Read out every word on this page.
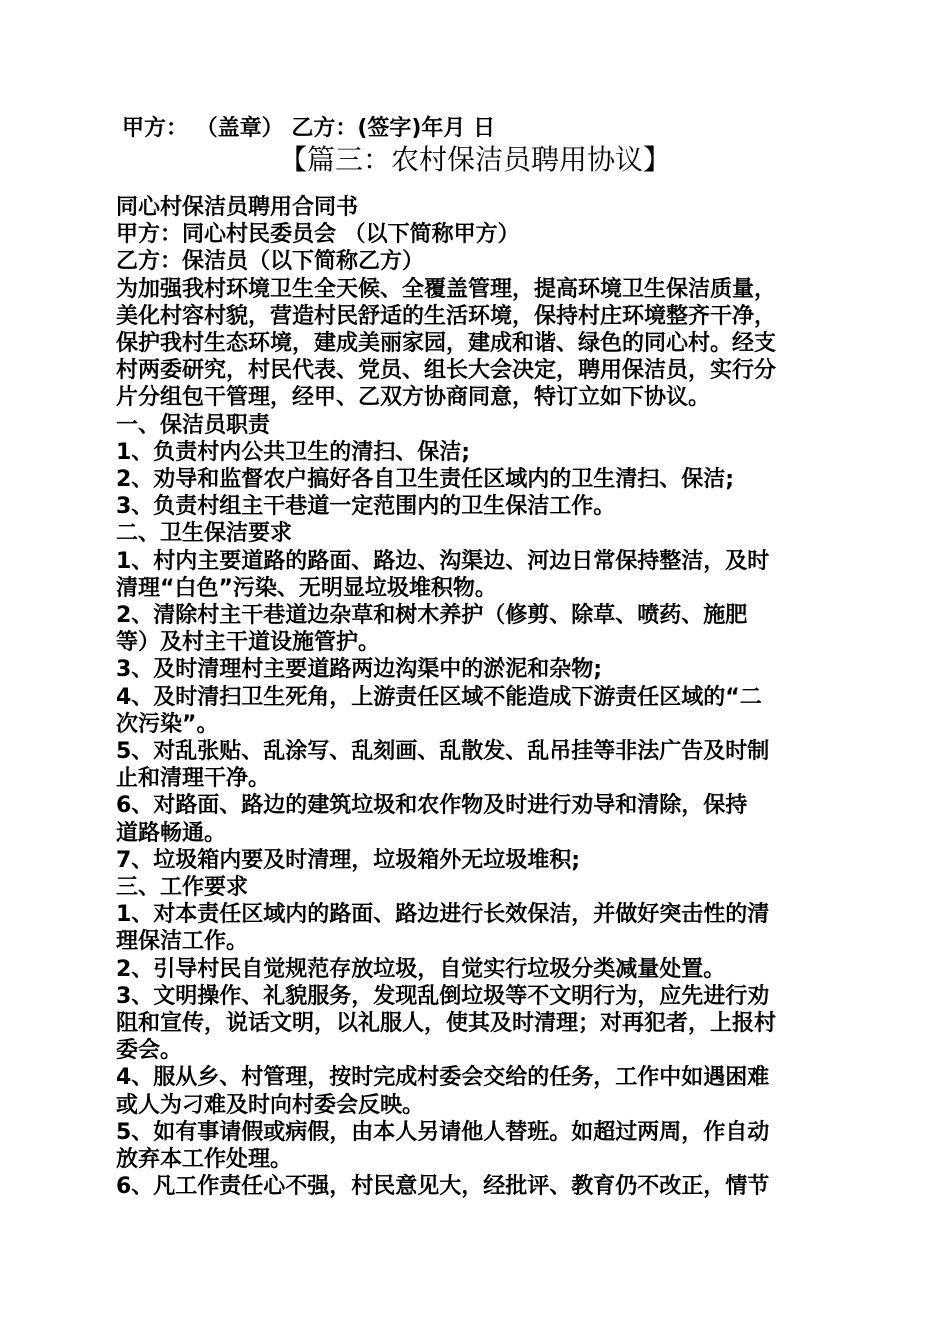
甲方： （盖章） 乙方：(签字)年月 日
【篇三：农村保洁员聘用协议】
同心村保洁员聘用合同书
甲方：同心村民委员会 （以下简称甲方）
乙方：保洁员（以下简称乙方）
为加强我村环境卫生全天候、全覆盖管理，提高环境卫生保洁质量，
美化村容村貌，营造村民舒适的生活环境，保持村庄环境整齐干净，
保护我村生态环境，建成美丽家园，建成和谐、绿色的同心村。经支
村两委研究，村民代表、党员、组长大会决定，聘用保洁员，实行分
片分组包干管理，经甲、乙双方协商同意，特订立如下协议。
一、保洁员职责
1、负责村内公共卫生的清扫、保洁;
2、劝导和监督农户搞好各自卫生责任区域内的卫生清扫、保洁;
3、负责村组主干巷道一定范围内的卫生保洁工作。
二、卫生保洁要求
1、村内主要道路的路面、路边、沟渠边、河边日常保持整洁，及时
清理“白色”污染、无明显垃圾堆积物。
2、清除村主干巷道边杂草和树木养护（修剪、除草、喷药、施肥
等）及村主干道设施管护。
3、及时清理村主要道路两边沟渠中的淤泥和杂物;
4、及时清扫卫生死角，上游责任区域不能造成下游责任区域的“二
次污染”。
5、对乱张贴、乱涂写、乱刻画、乱散发、乱吊挂等非法广告及时制
止和清理干净。
6、对路面、路边的建筑垃圾和农作物及时进行劝导和清除，保持
道路畅通。
7、垃圾箱内要及时清理，垃圾箱外无垃圾堆积;
三、工作要求
1、对本责任区域内的路面、路边进行长效保洁，并做好突击性的清
理保洁工作。
2、引导村民自觉规范存放垃圾，自觉实行垃圾分类减量处置。
3、文明操作、礼貌服务，发现乱倒垃圾等不文明行为，应先进行劝
阻和宣传，说话文明，以礼服人，使其及时清理；对再犯者，上报村
委会。
4、服从乡、村管理，按时完成村委会交给的任务，工作中如遇困难
或人为刁难及时向村委会反映。
5、如有事请假或病假，由本人另请他人替班。如超过两周，作自动
放弃本工作处理。
6、凡工作责任心不强，村民意见大，经批评、教育仍不改正，情节
